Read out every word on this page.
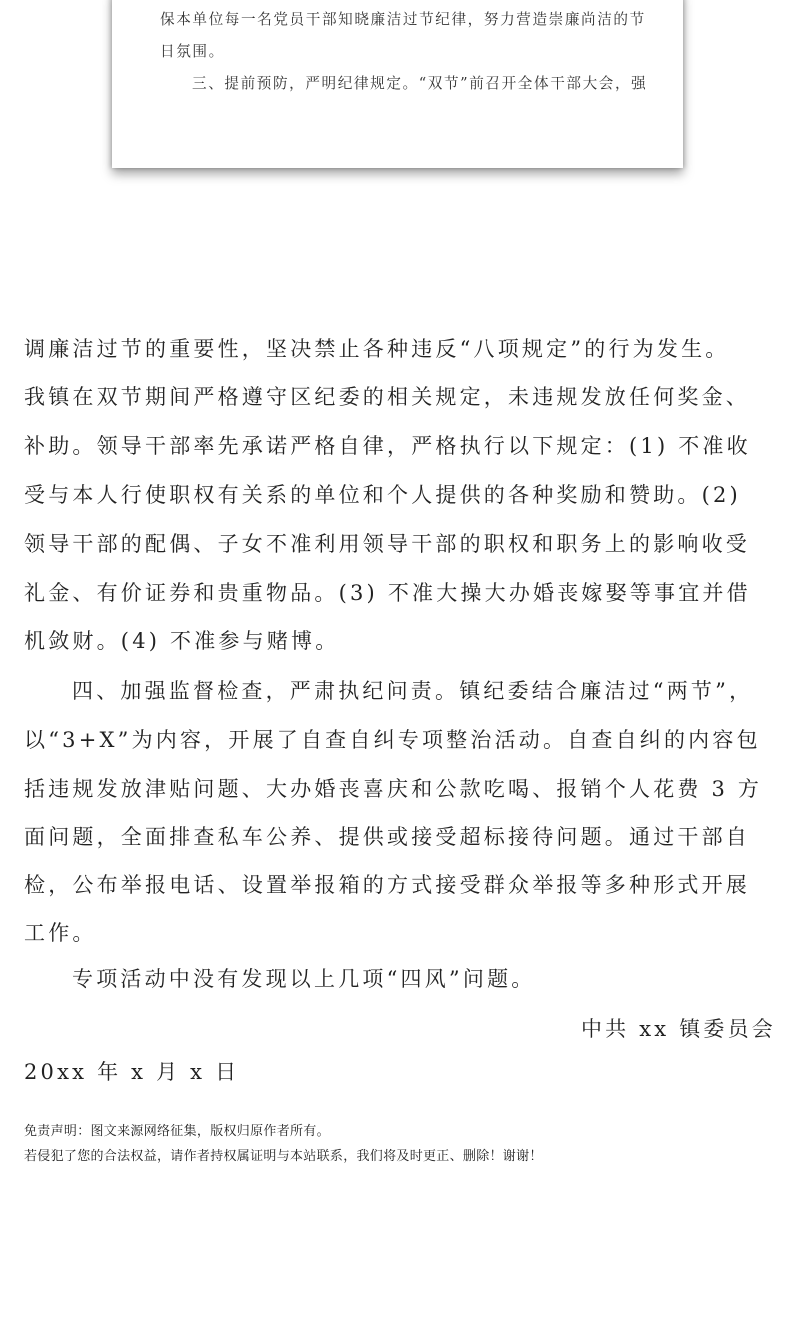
保本单位每一名党员干部知晓廉洁过节纪律，努力营造崇廉尚洁的节
日氛围。
三、提前预防，严明纪律规定。“双节”前召开全体干部大会，强
调廉洁过节的重要性，坚决禁止各种违反“八项规定”的行为发生。
我镇在双节期间严格遵守区纪委的相关规定，未违规发放任何奖金、
补助。领导干部率先承诺严格自律，严格执行以下规定：(1) 不准收
受与本人行使职权有关系的单位和个人提供的各种奖励和赞助。(2)
领导干部的配偶、子女不准利用领导干部的职权和职务上的影响收受
礼金、有价证券和贵重物品。(3) 不准大操大办婚丧嫁娶等事宜并借
机敛财。(4) 不准参与赌博。
四、加强监督检查，严肃执纪问责。镇纪委结合廉洁过“两节”，
以“3+X”为内容，开展了自查自纠专项整治活动。自查自纠的内容包
括违规发放津贴问题、大办婚丧喜庆和公款吃喝、报销个人花费 3 方
面问题，全面排查私车公养、提供或接受超标接待问题。通过干部自
检，公布举报电话、设置举报箱的方式接受群众举报等多种形式开展
工作。
专项活动中没有发现以上几项“四风”问题。
中共 xx 镇委员会
20xx 年 x 月 x 日
免责声明：图文来源网络征集，版权归原作者所有。
若侵犯了您的合法权益，请作者持权属证明与本站联系，我们将及时更正、删除！谢谢！
